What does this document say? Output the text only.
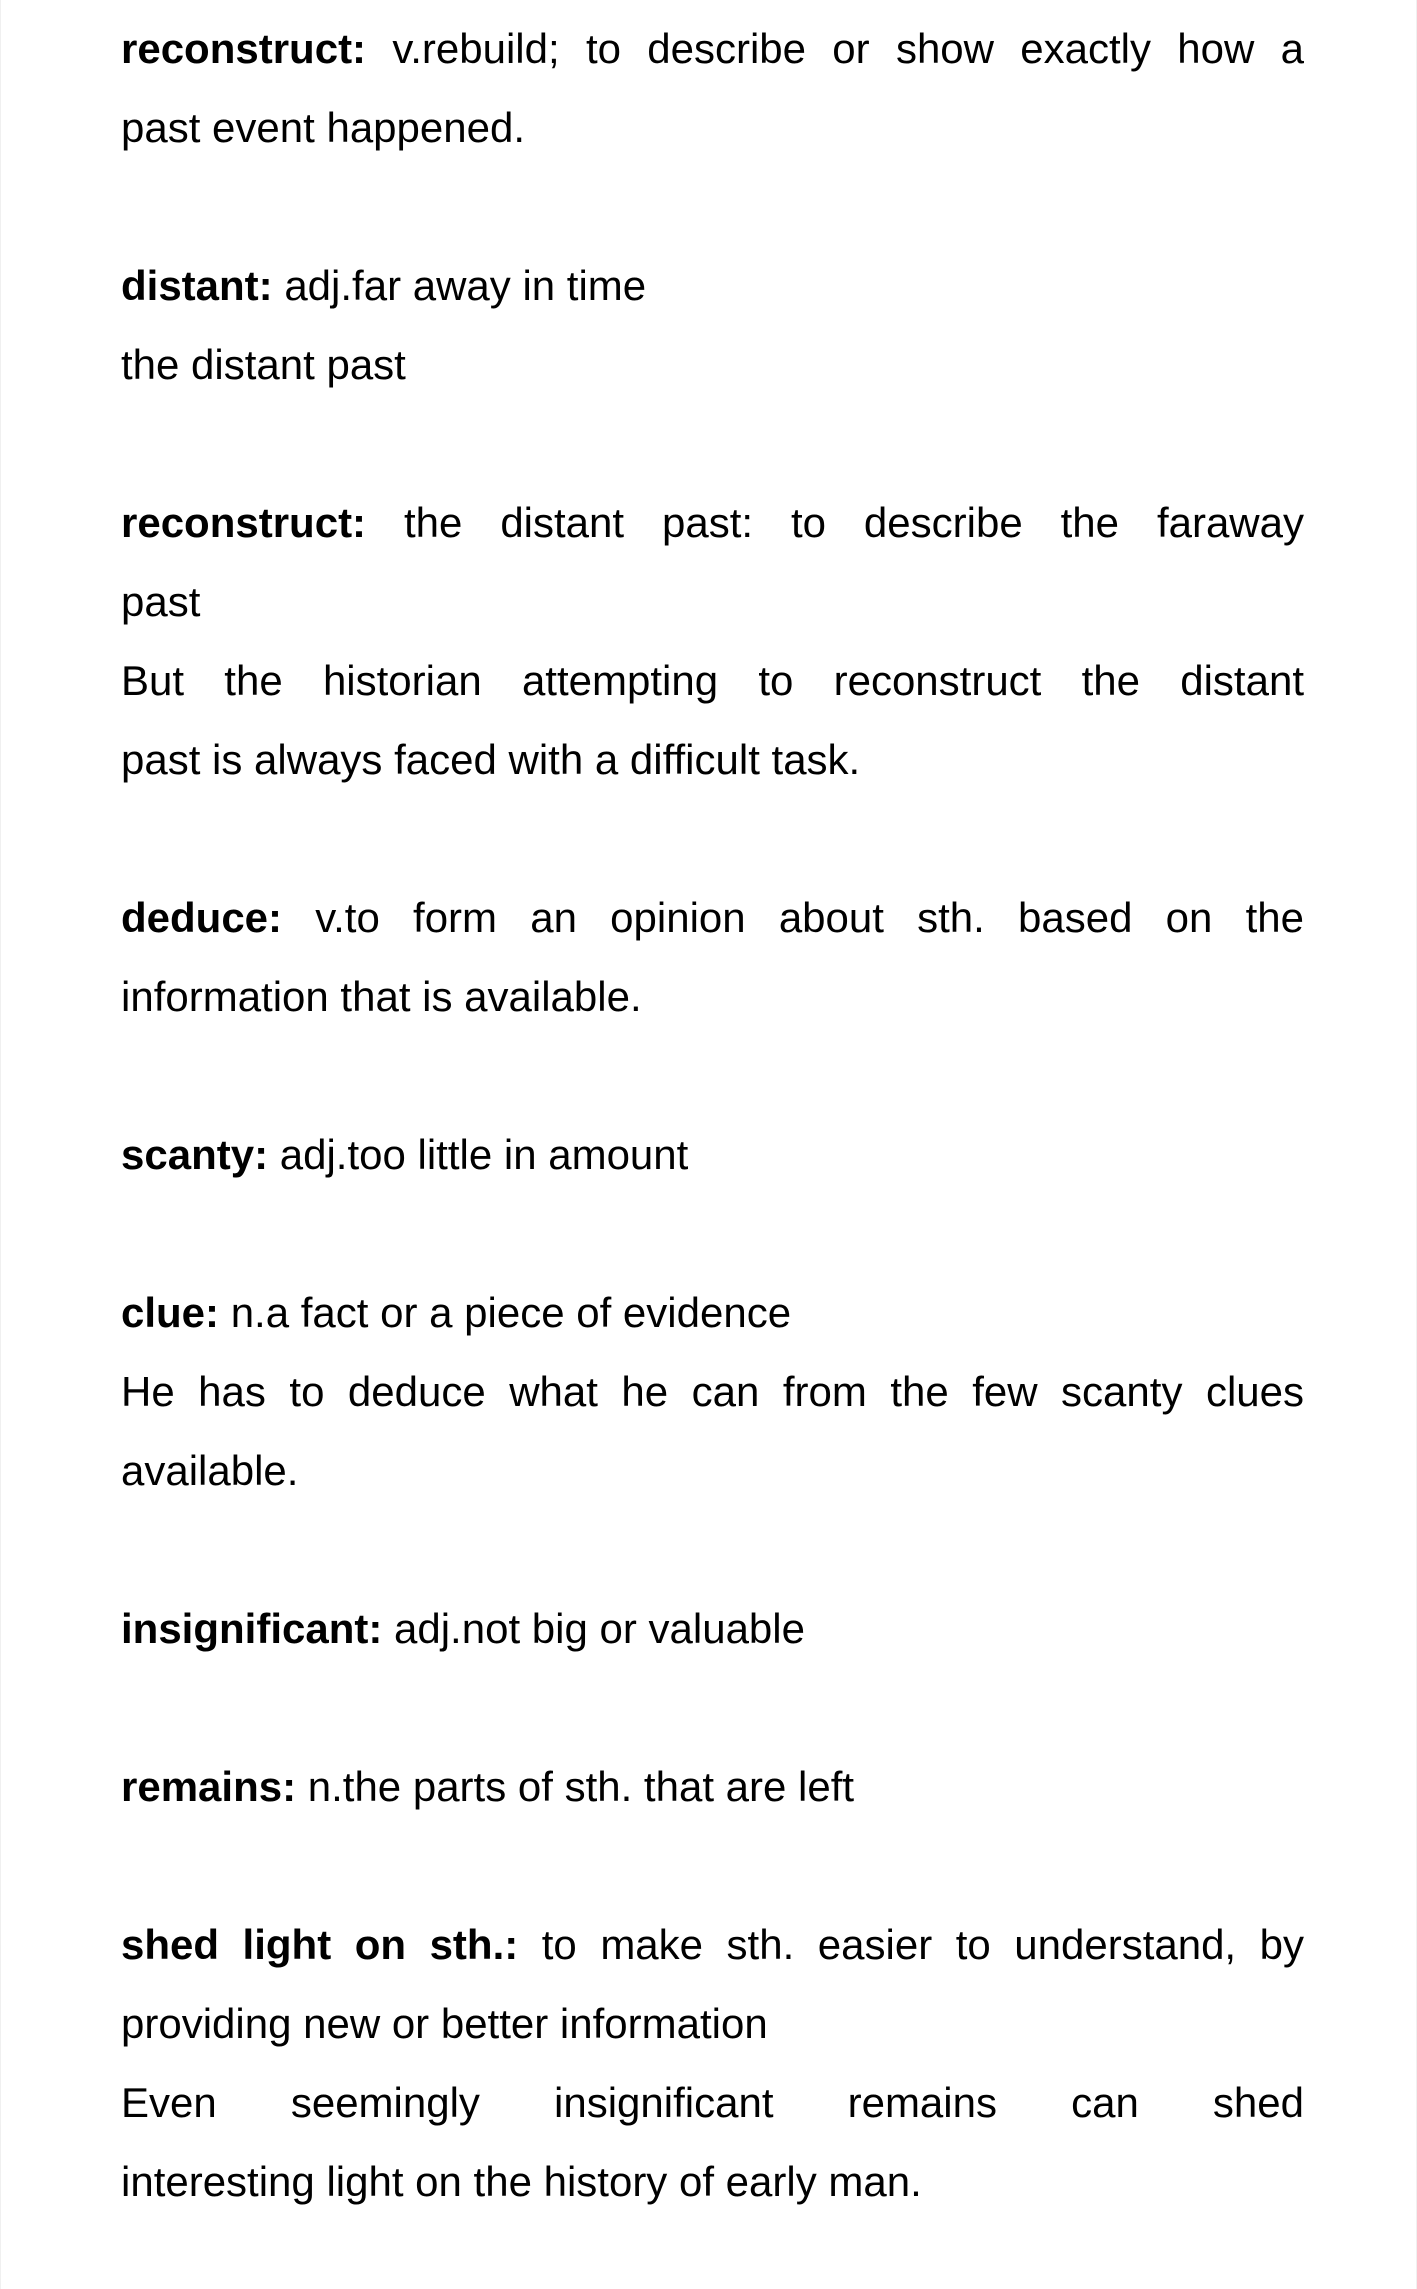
reconstruct: v.rebuild; to describe or show exactly how a
past event happened.
distant: adj.far away in time
the distant past
reconstruct: the distant past: to describe the faraway
past
But the historian attempting to reconstruct the distant
past is always faced with a difficult task.
deduce: v.to form an opinion about sth. based on the
information that is available.
scanty: adj.too little in amount
clue: n.a fact or a piece of evidence
He has to deduce what he can from the few scanty clues
available.
insignificant: adj.not big or valuable
remains: n.the parts of sth. that are left
shed light on sth.: to make sth. easier to understand, by
providing new or better information
Even seemingly insignificant remains can shed
interesting light on the history of early man.
